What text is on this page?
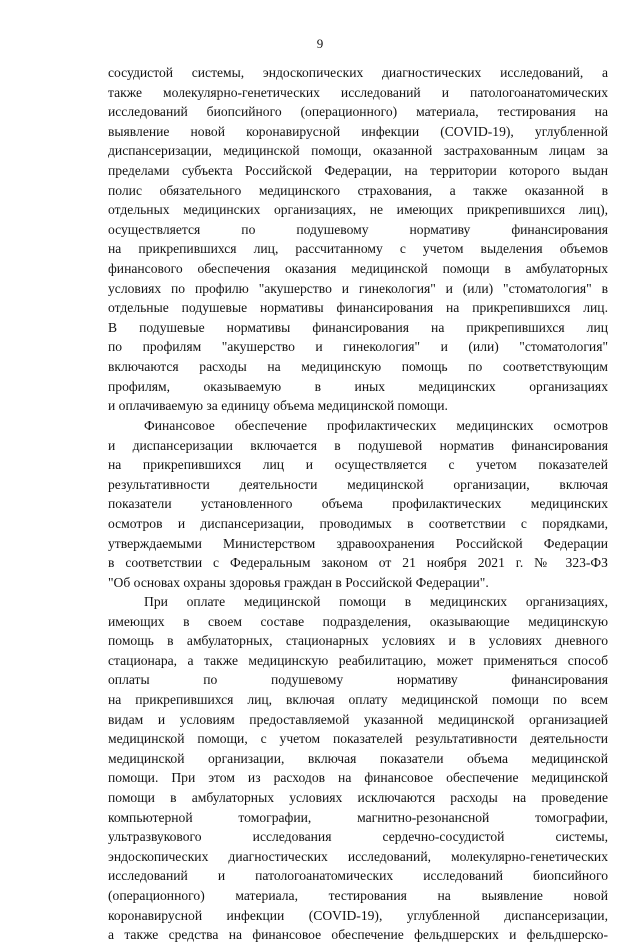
9
сосудистой системы, эндоскопических диагностических исследований, а
также молекулярно-генетических исследований и патологоанатомических
исследований биопсийного (операционного) материала, тестирования на
выявление новой коронавирусной инфекции (COVID-19), углубленной
диспансеризации, медицинской помощи, оказанной застрахованным лицам за
пределами субъекта Российской Федерации, на территории которого выдан
полис обязательного медицинского страхования, а также оказанной в
отдельных медицинских организациях, не имеющих прикрепившихся лиц),
осуществляется по подушевому нормативу финансирования
на прикрепившихся лиц, рассчитанному с учетом выделения объемов
финансового обеспечения оказания медицинской помощи в амбулаторных
условиях по профилю "акушерство и гинекология" и (или) "стоматология" в
отдельные подушевые нормативы финансирования на прикрепившихся лиц.
В подушевые нормативы финансирования на прикрепившихся лиц
по профилям "акушерство и гинекология" и (или) "стоматология"
включаются расходы на медицинскую помощь по соответствующим
профилям, оказываемую в иных медицинских организациях
и оплачиваемую за единицу объема медицинской помощи.
Финансовое обеспечение профилактических медицинских осмотров
и диспансеризации включается в подушевой норматив финансирования
на прикрепившихся лиц и осуществляется с учетом показателей
результативности деятельности медицинской организации, включая
показатели установленного объема профилактических медицинских
осмотров и диспансеризации, проводимых в соответствии с порядками,
утверждаемыми Министерством здравоохранения Российской Федерации
в соответствии с Федеральным законом от 21 ноября 2021 г. № 323-ФЗ
"Об основах охраны здоровья граждан в Российской Федерации".
При оплате медицинской помощи в медицинских организациях,
имеющих в своем составе подразделения, оказывающие медицинскую
помощь в амбулаторных, стационарных условиях и в условиях дневного
стационара, а также медицинскую реабилитацию, может применяться способ
оплаты по подушевому нормативу финансирования
на прикрепившихся лиц, включая оплату медицинской помощи по всем
видам и условиям предоставляемой указанной медицинской организацией
медицинской помощи, с учетом показателей результативности деятельности
медицинской организации, включая показатели объема медицинской
помощи. При этом из расходов на финансовое обеспечение медицинской
помощи в амбулаторных условиях исключаются расходы на проведение
компьютерной томографии, магнитно-резонансной томографии,
ультразвукового исследования сердечно-сосудистой системы,
эндоскопических диагностических исследований, молекулярно-генетических
исследований и патологоанатомических исследований биопсийного
(операционного) материала, тестирования на выявление новой
коронавирусной инфекции (COVID-19), углубленной диспансеризации,
а также средства на финансовое обеспечение фельдшерских и фельдшерско-
